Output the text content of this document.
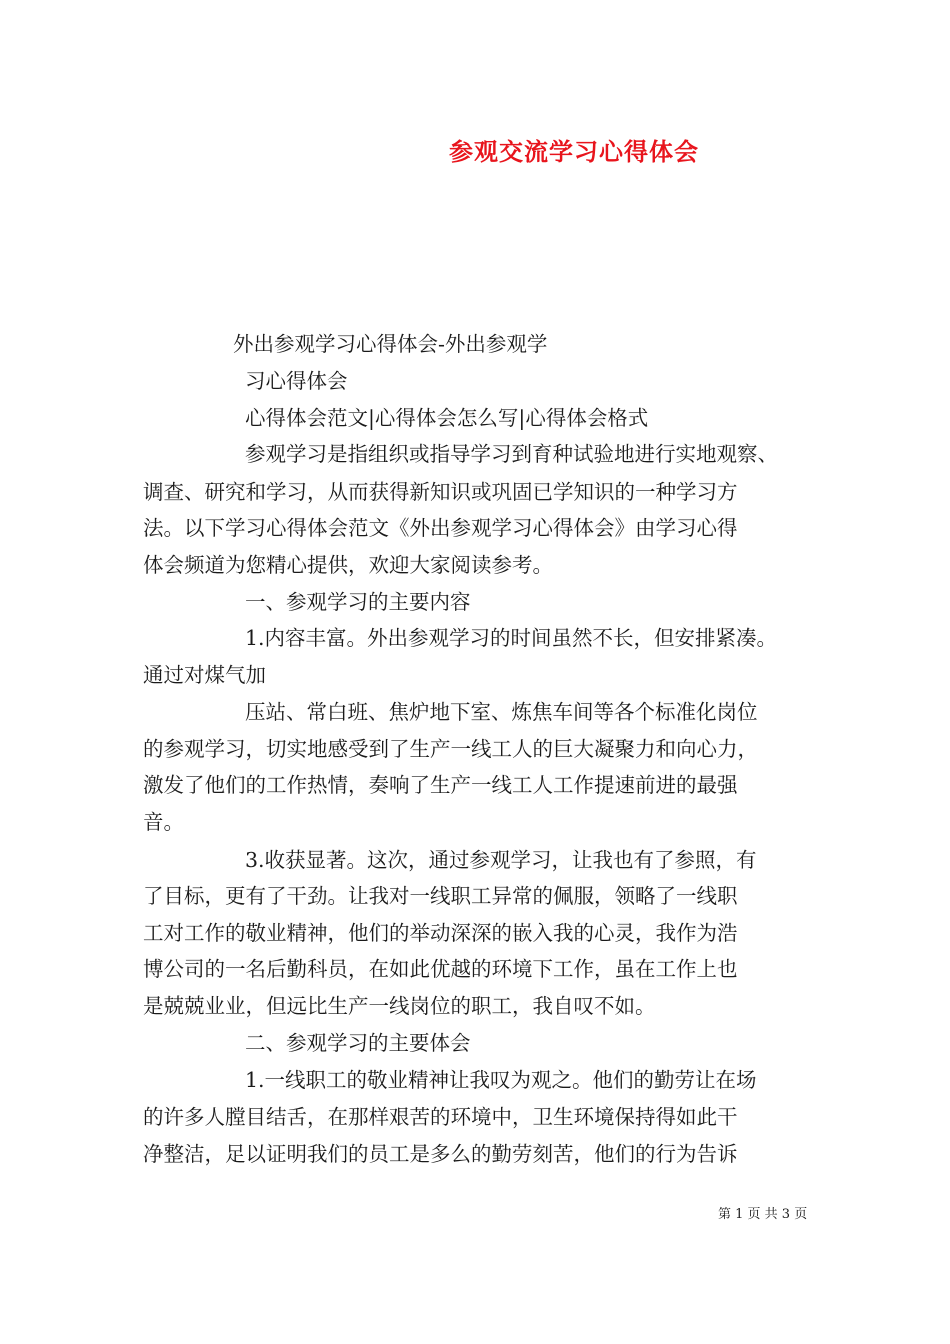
参观交流学习心得体会
外出参观学习心得体会-外出参观学
习心得体会
心得体会范文|心得体会怎么写|心得体会格式
参观学习是指组织或指导学习到育种试验地进行实地观察、
调查、研究和学习，从而获得新知识或巩固已学知识的一种学习方
法。以下学习心得体会范文《外出参观学习心得体会》由学习心得
体会频道为您精心提供，欢迎大家阅读参考。
一、参观学习的主要内容
1.内容丰富。外出参观学习的时间虽然不长，但安排紧凑。
通过对煤气加
压站、常白班、焦炉地下室、炼焦车间等各个标准化岗位
的参观学习，切实地感受到了生产一线工人的巨大凝聚力和向心力，
激发了他们的工作热情，奏响了生产一线工人工作提速前进的最强
音。
3.收获显著。这次，通过参观学习，让我也有了参照，有
了目标，更有了干劲。让我对一线职工异常的佩服，领略了一线职
工对工作的敬业精神，他们的举动深深的嵌入我的心灵，我作为浩
博公司的一名后勤科员，在如此优越的环境下工作，虽在工作上也
是兢兢业业，但远比生产一线岗位的职工，我自叹不如。
二、参观学习的主要体会
1.一线职工的敬业精神让我叹为观之。他们的勤劳让在场
的许多人膛目结舌，在那样艰苦的环境中，卫生环境保持得如此干
净整洁，足以证明我们的员工是多么的勤劳刻苦，他们的行为告诉
第 1 页 共 3 页
